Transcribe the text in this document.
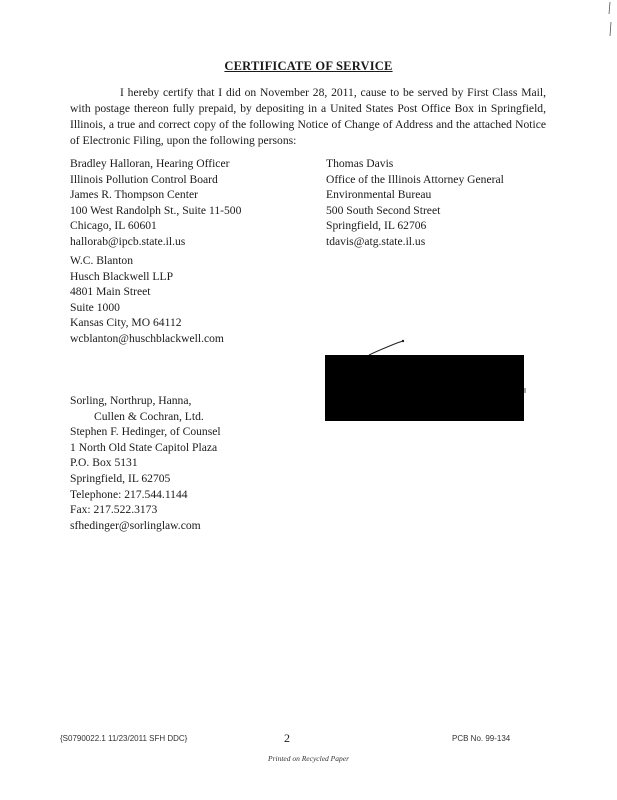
CERTIFICATE OF SERVICE
I hereby certify that I did on November 28, 2011, cause to be served by First Class Mail, with postage thereon fully prepaid, by depositing in a United States Post Office Box in Springfield, Illinois, a true and correct copy of the following Notice of Change of Address and the attached Notice of Electronic Filing, upon the following persons:
Bradley Halloran, Hearing Officer
Illinois Pollution Control Board
James R. Thompson Center
100 West Randolph St., Suite 11-500
Chicago, IL 60601
hallorab@ipcb.state.il.us
Thomas Davis
Office of the Illinois Attorney General
Environmental Bureau
500 South Second Street
Springfield, IL 62706
tdavis@atg.state.il.us
W.C. Blanton
Husch Blackwell LLP
4801 Main Street
Suite 1000
Kansas City, MO 64112
wcblanton@huschblackwell.com
Sorling, Northrup, Hanna,
Cullen & Cochran, Ltd.
Stephen F. Hedinger, of Counsel
1 North Old State Capitol Plaza
P.O. Box 5131
Springfield, IL 62705
Telephone: 217.544.1144
Fax: 217.522.3173
sfhedinger@sorlinglaw.com
{S0790022.1 11/23/2011 SFH DDC}	2	PCB No. 99-134
Printed on Recycled Paper
